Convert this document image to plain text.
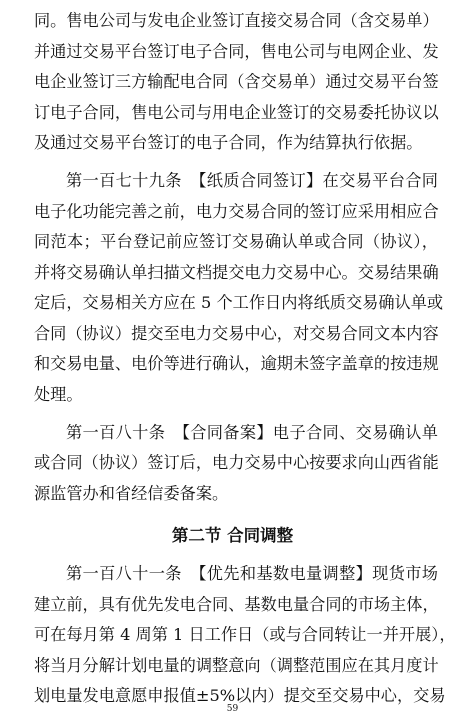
同。售电公司与发电企业签订直接交易合同（含交易单）
并通过交易平台签订电子合同，售电公司与电网企业、发
电企业签订三方输配电合同（含交易单）通过交易平台签
订电子合同，售电公司与用电企业签订的交易委托协议以
及通过交易平台签订的电子合同，作为结算执行依据。
第一百七十九条　【纸质合同签订】在交易平台合同
电子化功能完善之前，电力交易合同的签订应采用相应合
同范本；平台登记前应签订交易确认单或合同（协议），
并将交易确认单扫描文档提交电力交易中心。交易结果确
定后，交易相关方应在 5 个工作日内将纸质交易确认单或
合同（协议）提交至电力交易中心，对交易合同文本内容
和交易电量、电价等进行确认，逾期未签字盖章的按违规
处理。
第一百八十条　【合同备案】电子合同、交易确认单
或合同（协议）签订后，电力交易中心按要求向山西省能
源监管办和省经信委备案。
第二节 合同调整
第一百八十一条　【优先和基数电量调整】现货市场
建立前，具有优先发电合同、基数电量合同的市场主体，
可在每月第 4 周第 1 日工作日（或与合同转让一并开展），
将当月分解计划电量的调整意向（调整范围应在其月度计
划电量发电意愿申报值±5%以内）提交至交易中心，交易
59
